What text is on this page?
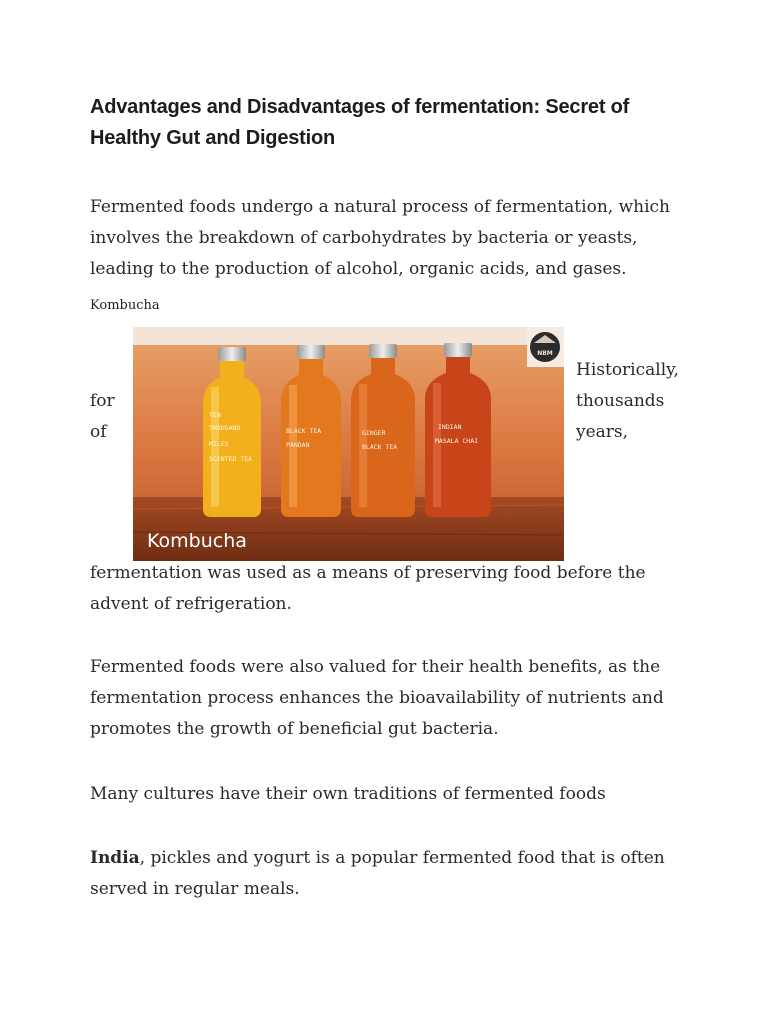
Advantages and Disadvantages of fermentation: Secret of Healthy Gut and Digestion

Fermented foods undergo a natural process of fermentation, which involves the breakdown of carbohydrates by bacteria or yeasts, leading to the production of alcohol, organic acids, and gases.

Kombucha

TEN
THOUSAND
MILES
SCENTED TEA
BLACK TEA
PANDAN
GINGER
BLACK TEA
INDIAN
MASALA CHAI
NBM
Kombucha

Historically,

for	thousands

of	years,

fermentation was used as a means of preserving food before the advent of refrigeration.

Fermented foods were also valued for their health benefits, as the fermentation process enhances the bioavailability of nutrients and promotes the growth of beneficial gut bacteria.

Many cultures have their own traditions of fermented foods

India, pickles and yogurt is a popular fermented food that is often served in regular meals.
